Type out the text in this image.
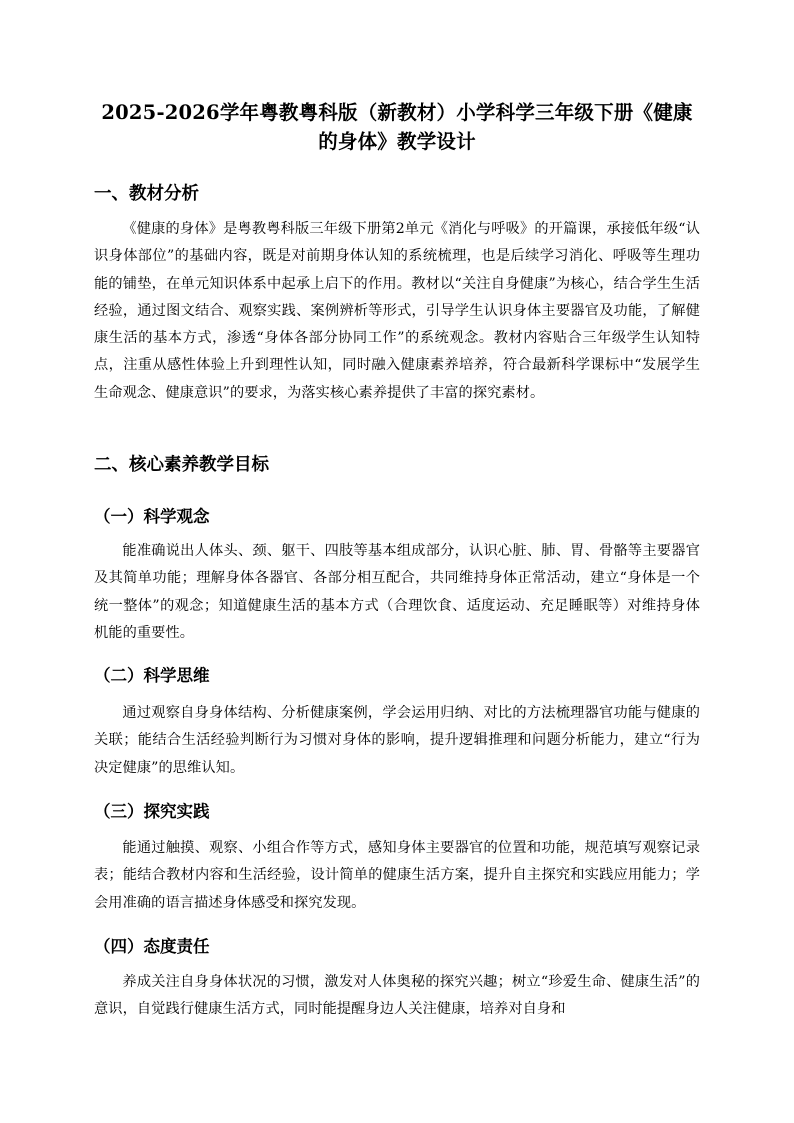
2025-2026学年粤教粤科版（新教材）小学科学三年级下册《健康的身体》教学设计
一、教材分析

《健康的身体》是粤教粤科版三年级下册第2单元《消化与呼吸》的开篇课，承接低年级“认识身体部位”的基础内容，既是对前期身体认知的系统梳理，也是后续学习消化、呼吸等生理功能的铺垫，在单元知识体系中起承上启下的作用。教材以“关注自身健康”为核心，结合学生生活经验，通过图文结合、观察实践、案例辨析等形式，引导学生认识身体主要器官及功能，了解健康生活的基本方式，渗透“身体各部分协同工作”的系统观念。教材内容贴合三年级学生认知特点，注重从感性体验上升到理性认知，同时融入健康素养培养，符合最新科学课标中“发展学生生命观念、健康意识”的要求，为落实核心素养提供了丰富的探究素材。

二、核心素养教学目标
（一）科学观念

能准确说出人体头、颈、躯干、四肢等基本组成部分，认识心脏、肺、胃、骨骼等主要器官及其简单功能；理解身体各器官、各部分相互配合，共同维持身体正常活动，建立“身体是一个统一整体”的观念；知道健康生活的基本方式（合理饮食、适度运动、充足睡眠等）对维持身体机能的重要性。

（二）科学思维

通过观察自身身体结构、分析健康案例，学会运用归纳、对比的方法梳理器官功能与健康的关联；能结合生活经验判断行为习惯对身体的影响，提升逻辑推理和问题分析能力，建立“行为决定健康”的思维认知。

（三）探究实践

能通过触摸、观察、小组合作等方式，感知身体主要器官的位置和功能，规范填写观察记录表；能结合教材内容和生活经验，设计简单的健康生活方案，提升自主探究和实践应用能力；学会用准确的语言描述身体感受和探究发现。

（四）态度责任

养成关注自身身体状况的习惯，激发对人体奥秘的探究兴趣；树立“珍爱生命、健康生活”的意识，自觉践行健康生活方式，同时能提醒身边人关注健康，培养对自身和
